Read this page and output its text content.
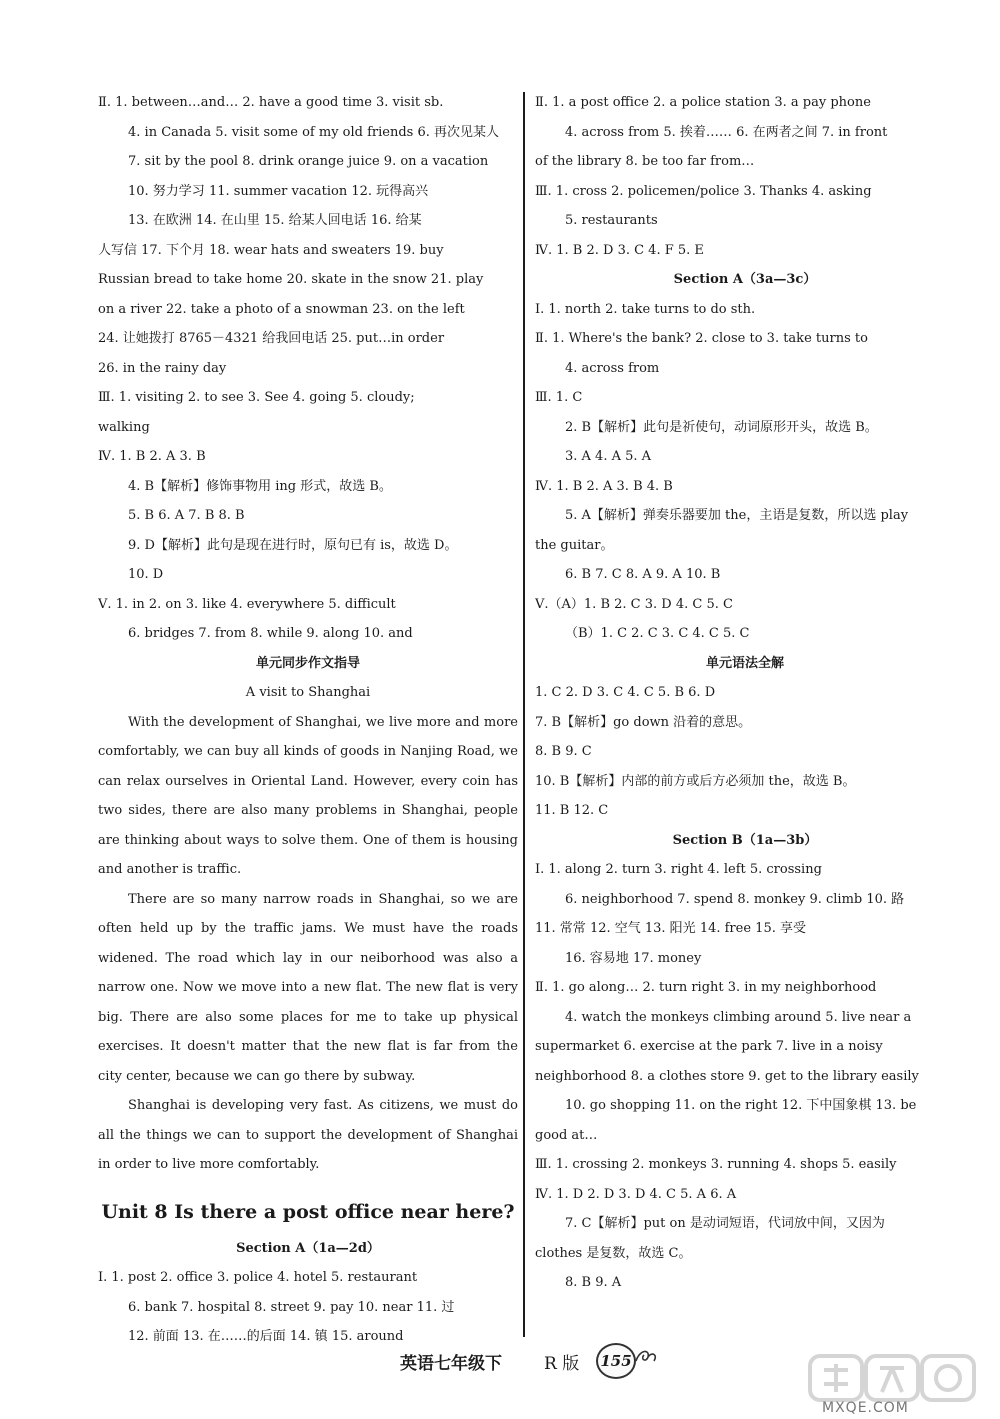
Ⅱ. 1. between…and… 2. have a good time 3. visit sb.
4. in Canada 5. visit some of my old friends 6. 再次见某人
7. sit by the pool 8. drink orange juice 9. on a vacation
10. 努力学习 11. summer vacation 12. 玩得高兴
13. 在欧洲 14. 在山里 15. 给某人回电话 16. 给某
人写信 17. 下个月 18. wear hats and sweaters 19. buy
Russian bread to take home 20. skate in the snow 21. play
on a river 22. take a photo of a snowman 23. on the left
24. 让她拨打 8765－4321 给我回电话 25. put…in order
26. in the rainy day
Ⅲ. 1. visiting 2. to see 3. See 4. going 5. cloudy;
walking
Ⅳ. 1. B 2. A 3. B
4. B【解析】修饰事物用 ing 形式，故选 B。
5. B 6. A 7. B 8. B
9. D【解析】此句是现在进行时，原句已有 is，故选 D。
10. D
Ⅴ. 1. in 2. on 3. like 4. everywhere 5. difficult
6. bridges 7. from 8. while 9. along 10. and
单元同步作文指导
A visit to Shanghai
With the development of Shanghai, we live more and more comfortably, we can buy all kinds of goods in Nanjing Road, we can relax ourselves in Oriental Land. However, every coin has two sides, there are also many problems in Shanghai, people are thinking about ways to solve them. One of them is housing and another is traffic.
There are so many narrow roads in Shanghai, so we are often held up by the traffic jams. We must have the roads widened. The road which lay in our neiborhood was also a narrow one. Now we move into a new flat. The new flat is very big. There are also some places for me to take up physical exercises. It doesn't matter that the new flat is far from the city center, because we can go there by subway.
Shanghai is developing very fast. As citizens, we must do all the things we can to support the development of Shanghai in order to live more comfortably.
Unit 8 Is there a post office near here?
Section A（1a—2d）
Ⅰ. 1. post 2. office 3. police 4. hotel 5. restaurant
6. bank 7. hospital 8. street 9. pay 10. near 11. 过
12. 前面 13. 在……的后面 14. 镇 15. around
Ⅱ. 1. a post office 2. a police station 3. a pay phone
4. across from 5. 挨着…… 6. 在两者之间 7. in front
of the library 8. be too far from…
Ⅲ. 1. cross 2. policemen/police 3. Thanks 4. asking
5. restaurants
Ⅳ. 1. B 2. D 3. C 4. F 5. E
Section A（3a—3c）
Ⅰ. 1. north 2. take turns to do sth.
Ⅱ. 1. Where's the bank? 2. close to 3. take turns to
4. across from
Ⅲ. 1. C
2. B【解析】此句是祈使句，动词原形开头，故选 B。
3. A 4. A 5. A
Ⅳ. 1. B 2. A 3. B 4. B
5. A【解析】弹奏乐器要加 the，主语是复数，所以选 play
the guitar。
6. B 7. C 8. A 9. A 10. B
Ⅴ.（A）1. B 2. C 3. D 4. C 5. C
（B）1. C 2. C 3. C 4. C 5. C
单元语法全解
1. C 2. D 3. C 4. C 5. B 6. D
7. B【解析】go down 沿着的意思。
8. B 9. C
10. B【解析】内部的前方或后方必须加 the，故选 B。
11. B 12. C
Section B（1a—3b）
Ⅰ. 1. along 2. turn 3. right 4. left 5. crossing
6. neighborhood 7. spend 8. monkey 9. climb 10. 路
11. 常常 12. 空气 13. 阳光 14. free 15. 享受
16. 容易地 17. money
Ⅱ. 1. go along… 2. turn right 3. in my neighborhood
4. watch the monkeys climbing around 5. live near a
supermarket 6. exercise at the park 7. live in a noisy
neighborhood 8. a clothes store 9. get to the library easily
10. go shopping 11. on the right 12. 下中国象棋 13. be
good at…
Ⅲ. 1. crossing 2. monkeys 3. running 4. shops 5. easily
Ⅳ. 1. D 2. D 3. D 4. C 5. A 6. A
7. C【解析】put on 是动词短语，代词放中间，又因为
clothes 是复数，故选 C。
8. B 9. A
英语七年级下 R 版 155
MXQE.COM
